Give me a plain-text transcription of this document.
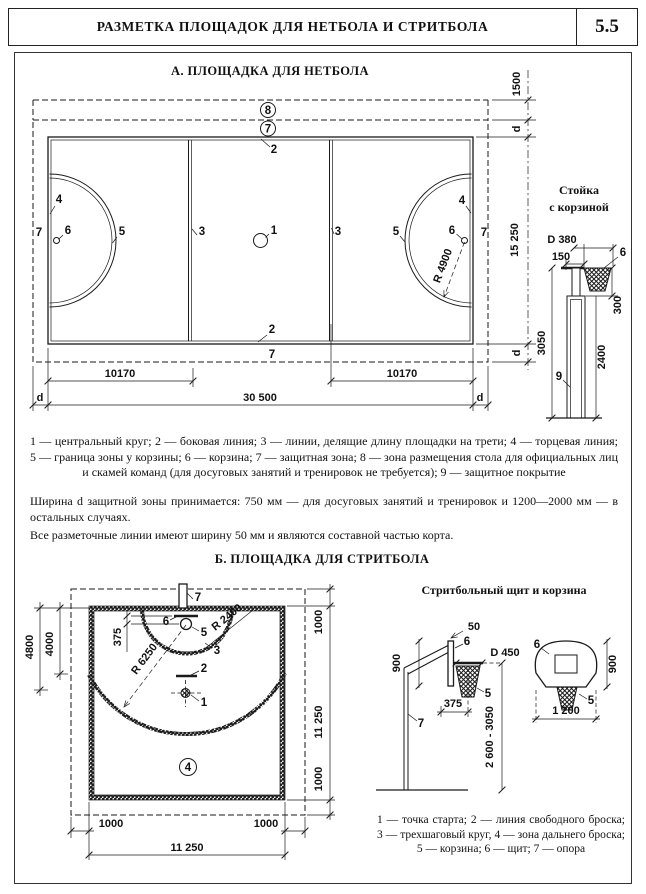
РАЗМЕТКА ПЛОЩАДОК ДЛЯ НЕТБОЛА И СТРИТБОЛА	5.5
А. ПЛОЩАДКА ДЛЯ НЕТБОЛА
Стойка
с корзиной
1 — центральный круг; 2 — боковая линия; 3 — линии, делящие длину площадки на трети; 4 — торцевая линия; 5 — граница зоны у корзины; 6 — корзина; 7 — защитная зона; 8 — зона размещения стола для официальных лиц и скамей команд (для досуговых занятий и тренировок не требуется); 9 — защитное покрытие
Ширина d защитной зоны принимается: 750 мм — для досуговых занятий и тренировок и 1200—2000 мм — в остальных случаях.
Все разметочные линии имеют ширину 50 мм и являются составной частью корта.
Б. ПЛОЩАДКА ДЛЯ СТРИТБОЛА
Стритбольный щит и корзина
1 — точка старта; 2 — линия свободного броска; 3 — трехшаговый круг, 4 — зона дальнего броска; 5 — корзина; 6 — щит; 7 — опора
8
7
2
4
7 6	5	3	1	3	5	6
4
7
2
7
R 4900
10170	10170
d	30 500	d
1500
d
15 250
d
D 380
150
3050
300
2400
6
9
7
6
5
3
2
1
4
R 2400
R 6250
375
4800 4000
1000
11 250
1000
1000	1000
11 250
50
900
D 450
375
2 600 - 3050
6
5
7
900
1 200
6
5
